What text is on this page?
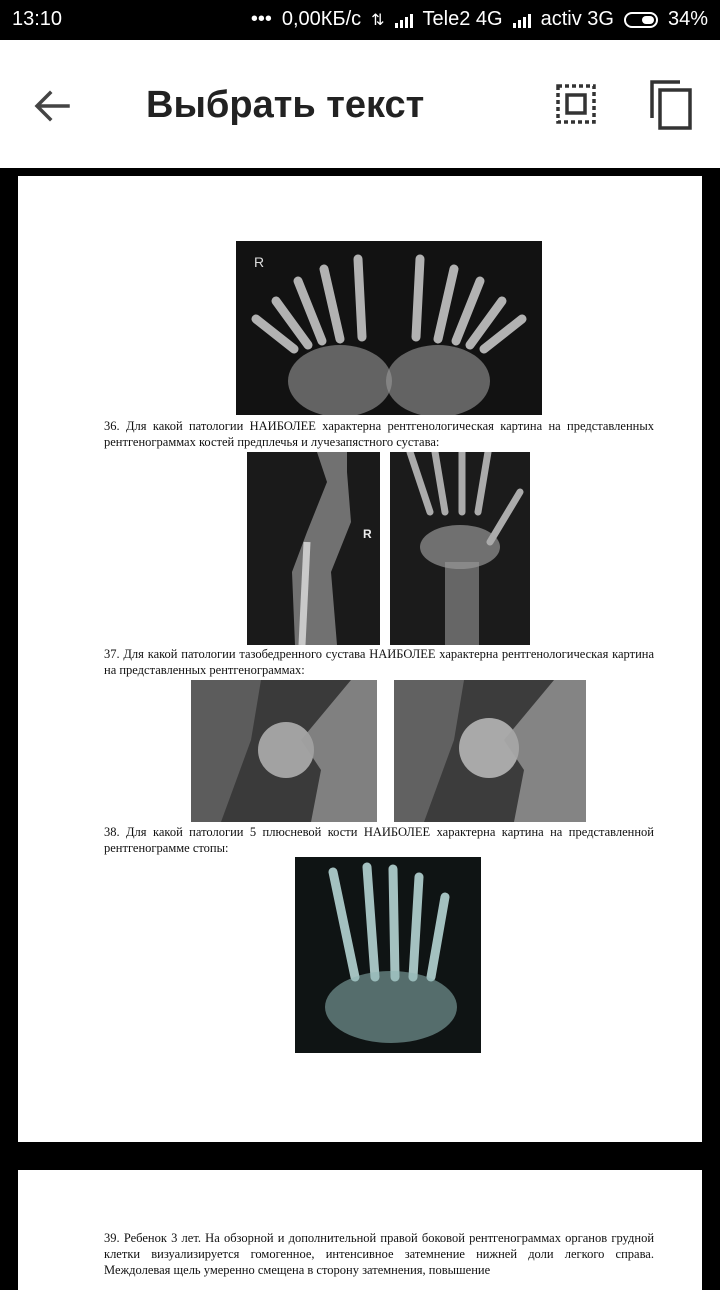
13:10	••• 0,00КБ/с ⇅ Tele2 4G activ 3G	34%
Выбрать текст
R
36. Для какой патологии НАИБОЛЕЕ характерна рентгенологическая картина на представленных рентгенограммах костей предплечья и лучезапястного сустава:
R
37. Для какой патологии тазобедренного сустава НАИБОЛЕЕ характерна рентгенологическая картина на представленных рентгенограммах:
38. Для какой патологии 5 плюсневой кости НАИБОЛЕЕ характерна картина на представленной рентгенограмме стопы:
39. Ребенок 3 лет. На обзорной и дополнительной правой боковой рентгенограммах органов грудной клетки визуализируется гомогенное, интенсивное затемнение нижней доли легкого справа. Междолевая щель умеренно смещена в сторону затемнения, повышение
